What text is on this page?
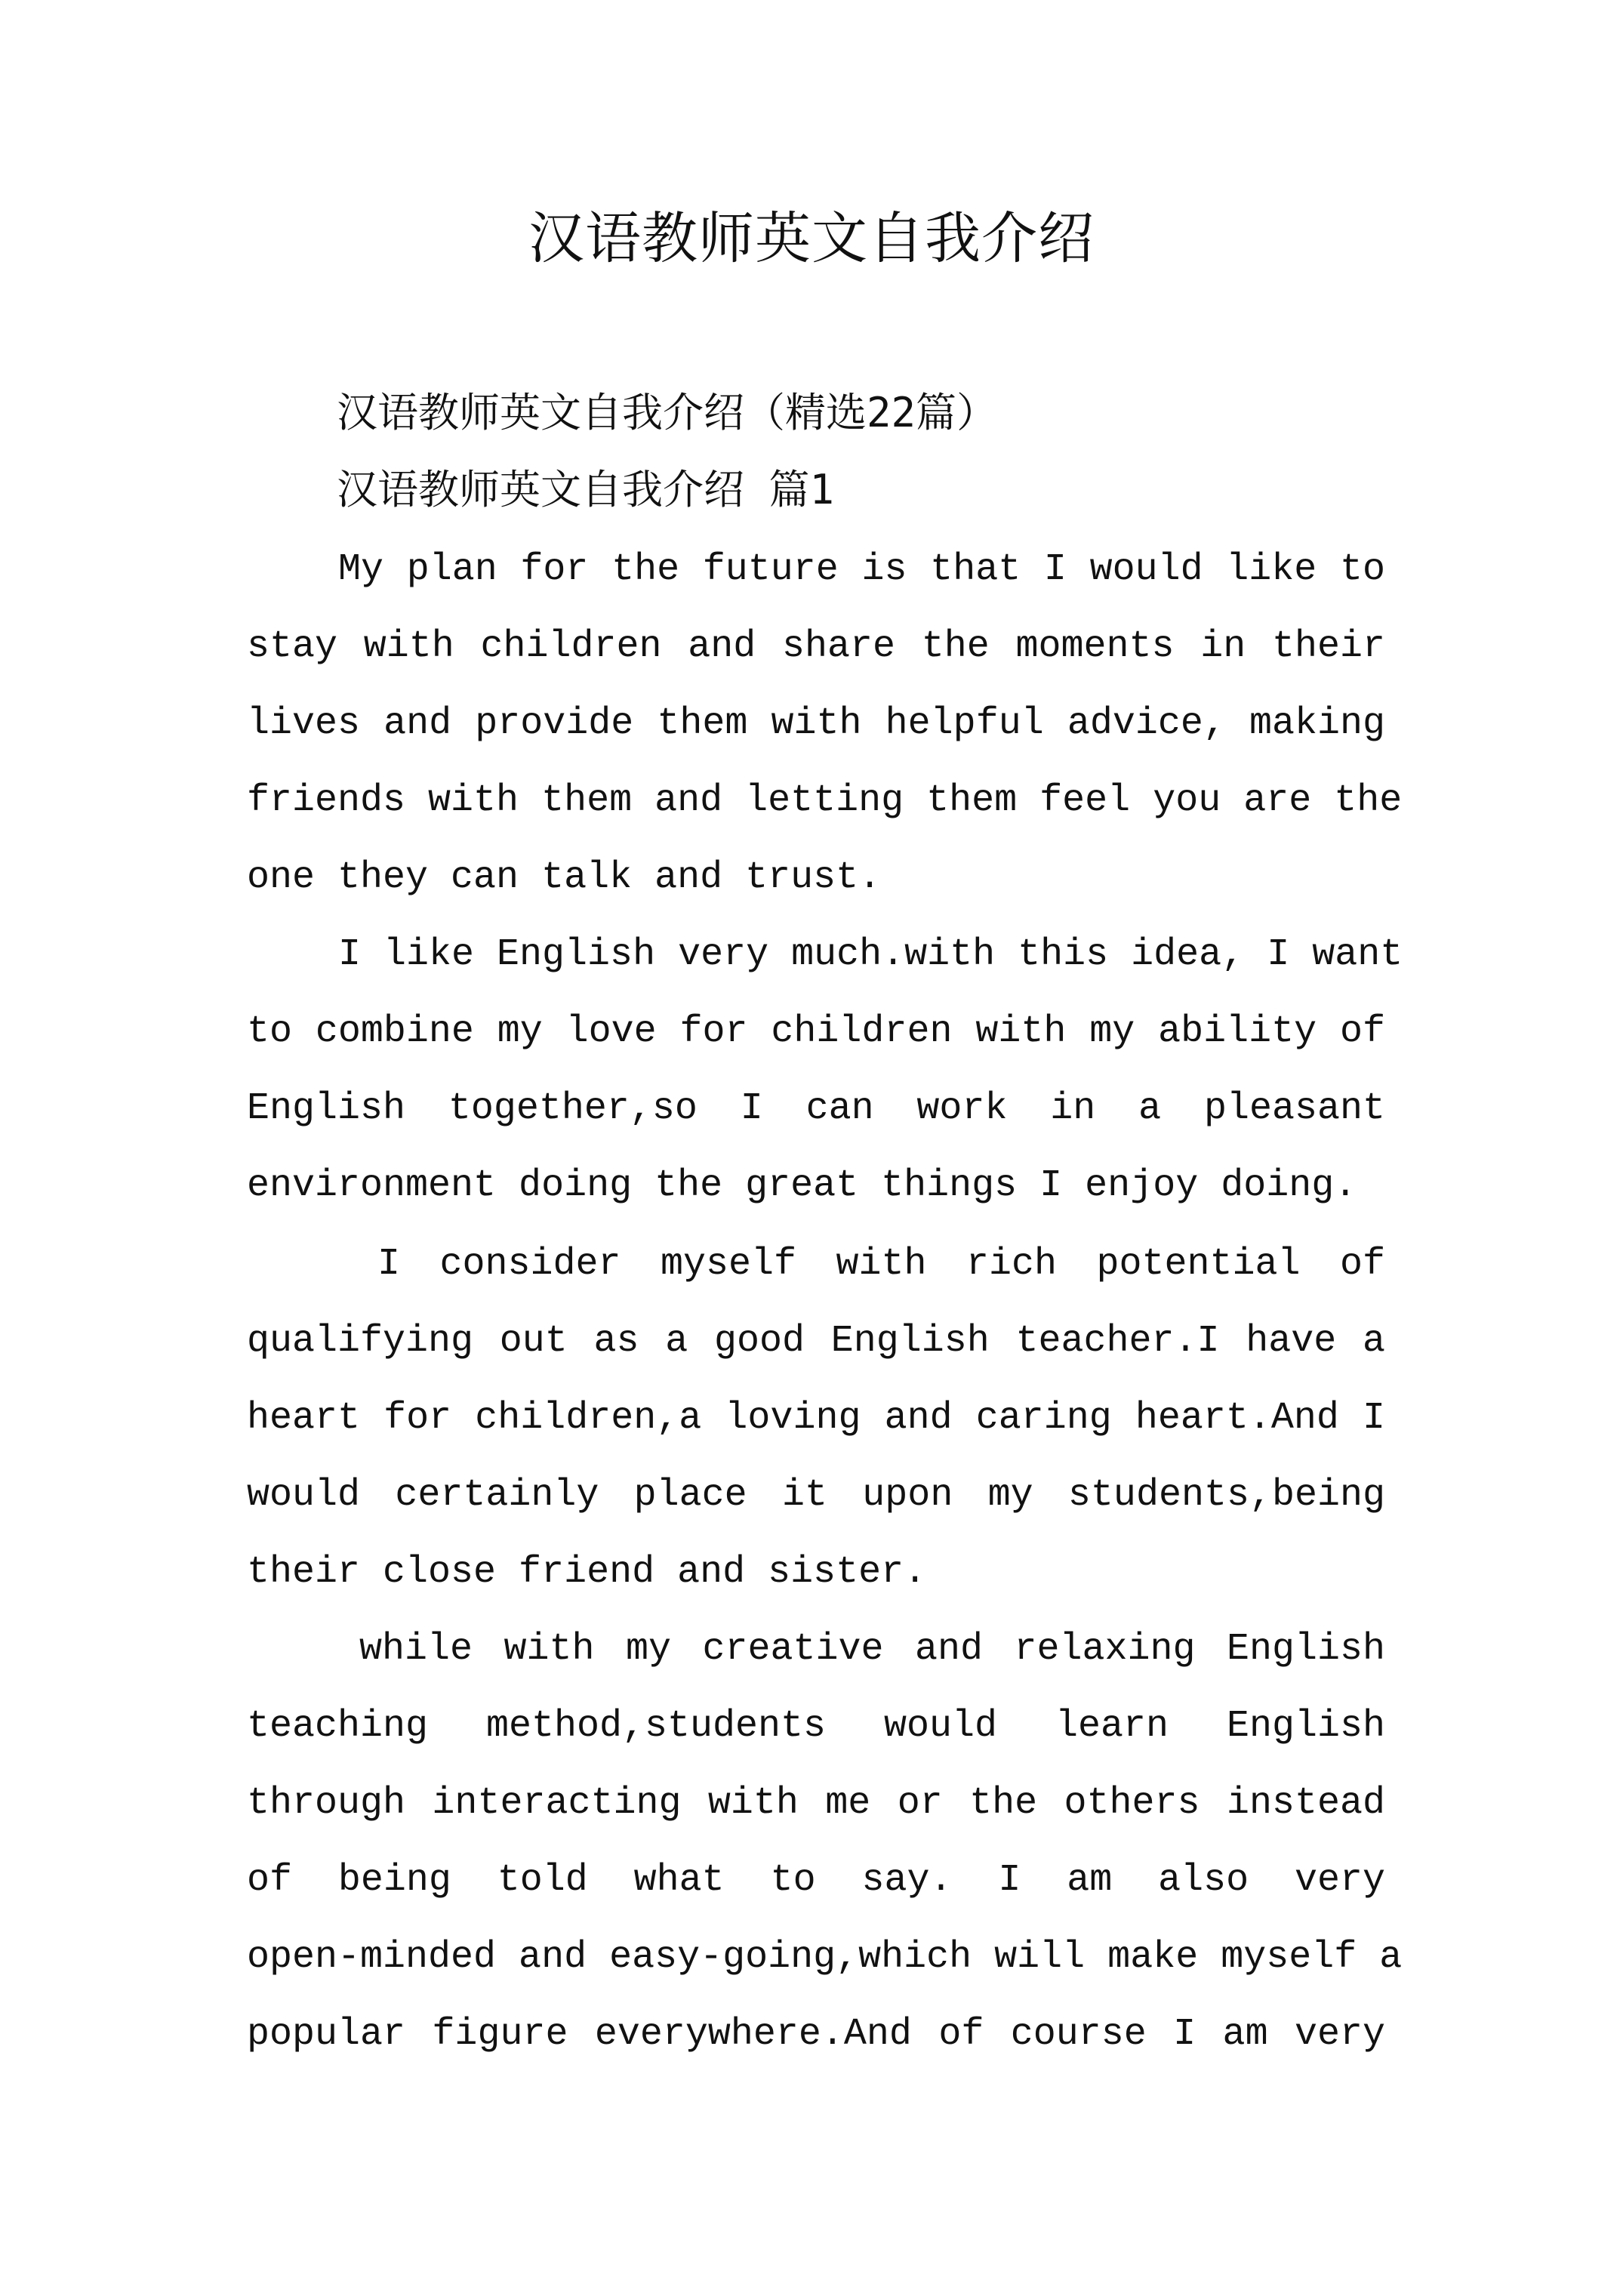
汉语教师英文自我介绍

汉语教师英文自我介绍（精选22篇）

汉语教师英文自我介绍 篇1

My plan for the future is that I would like to

stay with children and share the moments in their

lives and provide them with helpful advice, making

friends with them and letting them feel you are the

one they can talk and trust.

I like English very much.with this idea, I want

to combine my love for children with my ability of

English together,so I can work in a pleasant

environment doing the great things I enjoy doing.

I consider myself with rich potential of

qualifying out as a good English teacher.I have a

heart for children,a loving and caring heart.And I

would certainly place it upon my students,being

their close friend and sister.

while with my creative and relaxing English

teaching method,students would learn English

through interacting with me or the others instead

of being told what to say. I am also very

open-minded and easy-going,which will make myself a

popular figure everywhere.And of course I am very
